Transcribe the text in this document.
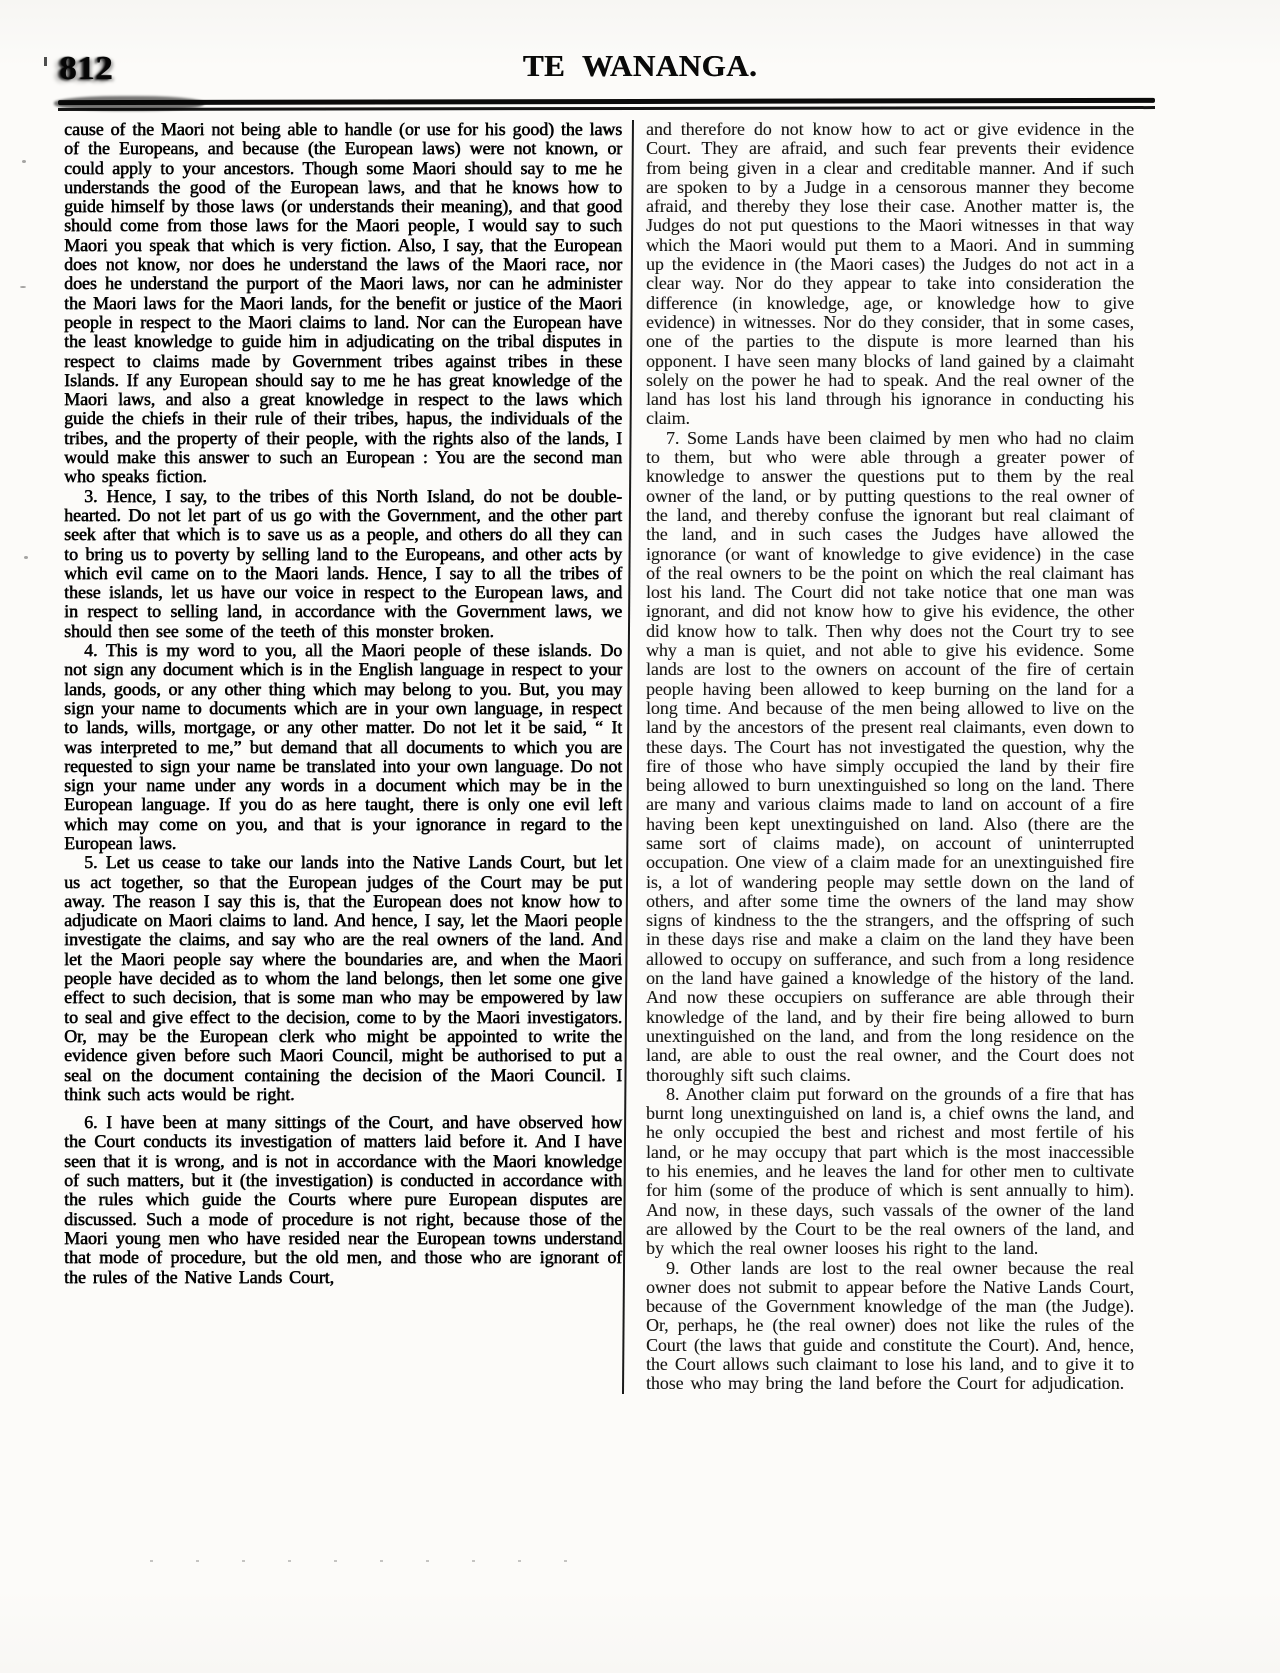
812	TE WANANGA.

cause of the Maori not being able to handle (or use for his good) the laws of the Europeans, and because (the European laws) were not known, or could apply to your ancestors. Though some Maori should say to me he understands the good of the European laws, and that he knows how to guide himself by those laws (or understands their meaning), and that good should come from those laws for the Maori people, I would say to such Maori you speak that which is very fiction. Also, I say, that the European does not know, nor does he understand the laws of the Maori race, nor does he understand the purport of the Maori laws, nor can he administer the Maori laws for the Maori lands, for the benefit or justice of the Maori people in respect to the Maori claims to land. Nor can the European have the least knowledge to guide him in adjudicating on the tribal disputes in respect to claims made by Government tribes against tribes in these Islands. If any European should say to me he has great knowledge of the Maori laws, and also a great knowledge in respect to the laws which guide the chiefs in their rule of their tribes, hapus, the individuals of the tribes, and the property of their people, with the rights also of the lands, I would make this answer to such an European : You are the second man who speaks fiction.

3. Hence, I say, to the tribes of this North Island, do not be double-hearted. Do not let part of us go with the Government, and the other part seek after that which is to save us as a people, and others do all they can to bring us to poverty by selling land to the Europeans, and other acts by which evil came on to the Maori lands. Hence, I say to all the tribes of these islands, let us have our voice in respect to the European laws, and in respect to selling land, in accordance with the Government laws, we should then see some of the teeth of this monster broken.

4. This is my word to you, all the Maori people of these islands. Do not sign any document which is in the English language in respect to your lands, goods, or any other thing which may belong to you. But, you may sign your name to documents which are in your own language, in respect to lands, wills, mortgage, or any other matter. Do not let it be said, “ It was interpreted to me,” but demand that all documents to which you are requested to sign your name be translated into your own language. Do not sign your name under any words in a document which may be in the European language. If you do as here taught, there is only one evil left which may come on you, and that is your ignorance in regard to the European laws.

5. Let us cease to take our lands into the Native Lands Court, but let us act together, so that the European judges of the Court may be put away. The reason I say this is, that the European does not know how to adjudicate on Maori claims to land. And hence, I say, let the Maori people investigate the claims, and say who are the real owners of the land. And let the Maori people say where the boundaries are, and when the Maori people have decided as to whom the land belongs, then let some one give effect to such decision, that is some man who may be empowered by law to seal and give effect to the decision, come to by the Maori investigators. Or, may be the European clerk who might be appointed to write the evidence given before such Maori Council, might be authorised to put a seal on the document containing the decision of the Maori Council. I think such acts would be right.

6. I have been at many sittings of the Court, and have observed how the Court conducts its investigation of matters laid before it. And I have seen that it is wrong, and is not in accordance with the Maori knowledge of such matters, but it (the investigation) is conducted in accordance with the rules which guide the Courts where pure European disputes are discussed. Such a mode of procedure is not right, because those of the Maori young men who have resided near the European towns understand that mode of procedure, but the old men, and those who are ignorant of the rules of the Native Lands Court,

and therefore do not know how to act or give evidence in the Court. They are afraid, and such fear prevents their evidence from being given in a clear and creditable manner. And if such are spoken to by a Judge in a censorous manner they become afraid, and thereby they lose their case. Another matter is, the Judges do not put questions to the Maori witnesses in that way which the Maori would put them to a Maori. And in summing up the evidence in (the Maori cases) the Judges do not act in a clear way. Nor do they appear to take into consideration the difference (in knowledge, age, or knowledge how to give evidence) in witnesses. Nor do they consider, that in some cases, one of the parties to the dispute is more learned than his opponent. I have seen many blocks of land gained by a claimaht solely on the power he had to speak. And the real owner of the land has lost his land through his ignorance in conducting his claim.

7. Some Lands have been claimed by men who had no claim to them, but who were able through a greater power of knowledge to answer the questions put to them by the real owner of the land, or by putting questions to the real owner of the land, and thereby confuse the ignorant but real claimant of the land, and in such cases the Judges have allowed the ignorance (or want of knowledge to give evidence) in the case of the real owners to be the point on which the real claimant has lost his land. The Court did not take notice that one man was ignorant, and did not know how to give his evidence, the other did know how to talk. Then why does not the Court try to see why a man is quiet, and not able to give his evidence. Some lands are lost to the owners on account of the fire of certain people having been allowed to keep burning on the land for a long time. And because of the men being allowed to live on the land by the ancestors of the present real claimants, even down to these days. The Court has not investigated the question, why the fire of those who have simply occupied the land by their fire being allowed to burn unextinguished so long on the land. There are many and various claims made to land on account of a fire having been kept unextinguished on land. Also (there are the same sort of claims made), on account of uninterrupted occupation. One view of a claim made for an unextinguished fire is, a lot of wandering people may settle down on the land of others, and after some time the owners of the land may show signs of kindness to the the strangers, and the offspring of such in these days rise and make a claim on the land they have been allowed to occupy on sufferance, and such from a long residence on the land have gained a knowledge of the history of the land. And now these occupiers on sufferance are able through their knowledge of the land, and by their fire being allowed to burn unextinguished on the land, and from the long residence on the land, are able to oust the real owner, and the Court does not thoroughly sift such claims.

8. Another claim put forward on the grounds of a fire that has burnt long unextinguished on land is, a chief owns the land, and he only occupied the best and richest and most fertile of his land, or he may occupy that part which is the most inaccessible to his enemies, and he leaves the land for other men to cultivate for him (some of the produce of which is sent annually to him). And now, in these days, such vassals of the owner of the land are allowed by the Court to be the real owners of the land, and by which the real owner looses his right to the land.

9. Other lands are lost to the real owner because the real owner does not submit to appear before the Native Lands Court, because of the Government knowledge of the man (the Judge). Or, perhaps, he (the real owner) does not like the rules of the Court (the laws that guide and constitute the Court). And, hence, the Court allows such claimant to lose his land, and to give it to those who may bring the land before the Court for adjudication.
